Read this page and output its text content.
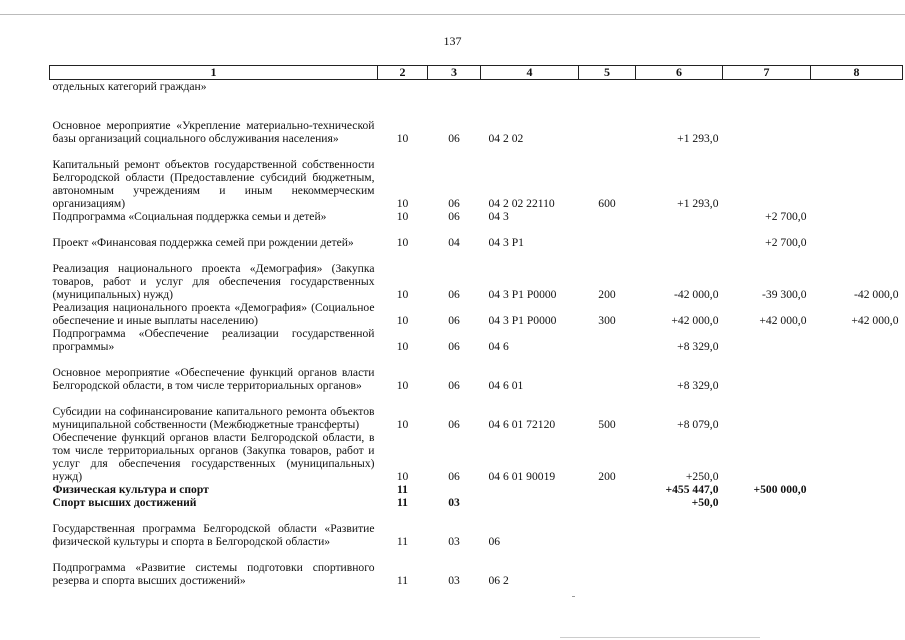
137
1	2	3	4	5	6	7	8
отдельных категорий граждан»							
Основное мероприятие «Укрепление материально-технической базы организаций социального обслуживания населения»	10	06	04 2 02		+1 293,0		
Капитальный ремонт объектов государственной собственности Белгородской области (Предоставление субсидий бюджетным, автономным учреждениям и иным некоммерческим организациям)	10	06	04 2 02 22110	600	+1 293,0		
Подпрограмма «Социальная поддержка семьи и детей»	10	06	04 3			+2 700,0	
Проект «Финансовая поддержка семей при рождении детей»	10	04	04 3 P1			+2 700,0	
Реализация национального проекта «Демография» (Закупка товаров, работ и услуг для обеспечения государственных (муниципальных) нужд)	10	06	04 3 P1 P0000	200	-42 000,0	-39 300,0	-42 000,0
Реализация национального проекта «Демография» (Социальное обеспечение и иные выплаты населению)	10	06	04 3 P1 P0000	300	+42 000,0	+42 000,0	+42 000,0
Подпрограмма «Обеспечение реализации государственной программы»	10	06	04 6		+8 329,0		
Основное мероприятие «Обеспечение функций органов власти Белгородской области, в том числе территориальных органов»	10	06	04 6 01		+8 329,0		
Субсидии на софинансирование капитального ремонта объектов муниципальной собственности (Межбюджетные трансферты)	10	06	04 6 01 72120	500	+8 079,0		
Обеспечение функций органов власти Белгородской области, в том числе территориальных органов (Закупка товаров, работ и услуг для обеспечения государственных (муниципальных) нужд)	10	06	04 6 01 90019	200	+250,0		
Физическая культура и спорт	11				+455 447,0	+500 000,0	
Спорт высших достижений	11	03			+50,0		
Государственная программа Белгородской области «Развитие физической культуры и спорта в Белгородской области»	11	03	06				
Подпрограмма «Развитие системы подготовки спортивного резерва и спорта высших достижений»	11	03	06 2				
